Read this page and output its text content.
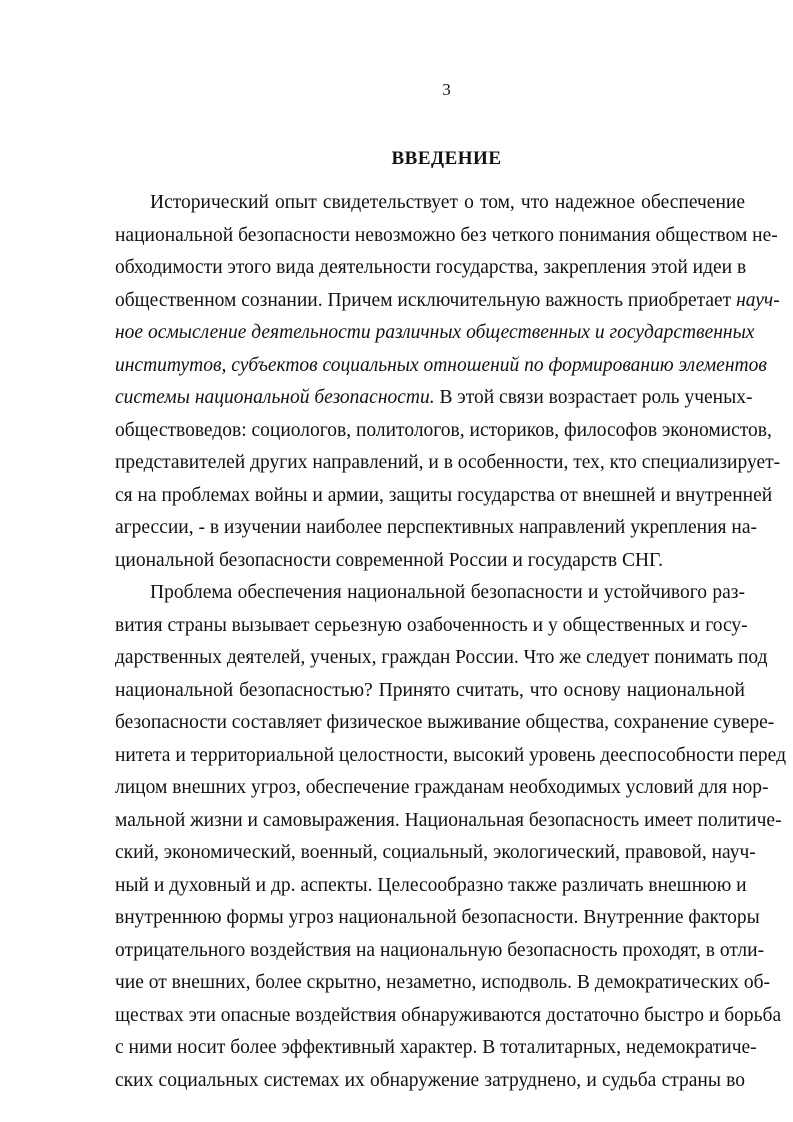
3
ВВЕДЕНИЕ
Исторический опыт свидетельствует о том, что надежное обеспечение
национальной безопасности невозможно без четкого понимания обществом не-
обходимости этого вида деятельности государства, закрепления этой идеи в
общественном сознании. Причем исключительную важность приобретает науч-
ное осмысление деятельности различных общественных и государственных
институтов, субъектов социальных отношений по формированию элементов
системы национальной безопасности. В этой связи возрастает роль ученых-
обществоведов: социологов, политологов, историков, философов экономистов,
представителей других направлений, и в особенности, тех, кто специализирует-
ся на проблемах войны и армии, защиты государства от внешней и внутренней
агрессии, - в изучении наиболее перспективных направлений укрепления на-
циональной безопасности современной России и государств СНГ.
Проблема обеспечения национальной безопасности и устойчивого раз-
вития страны вызывает серьезную озабоченность и у общественных и госу-
дарственных деятелей, ученых, граждан России. Что же следует понимать под
национальной безопасностью? Принято считать, что основу национальной
безопасности составляет физическое выживание общества, сохранение сувере-
нитета и территориальной целостности, высокий уровень дееспособности перед
лицом внешних угроз, обеспечение гражданам необходимых условий для нор-
мальной жизни и самовыражения. Национальная безопасность имеет политиче-
ский, экономический, военный, социальный, экологический, правовой, науч-
ный и духовный и др. аспекты. Целесообразно также различать внешнюю и
внутреннюю формы угроз национальной безопасности. Внутренние факторы
отрицательного воздействия на национальную безопасность проходят, в отли-
чие от внешних, более скрытно, незаметно, исподволь. В демократических об-
ществах эти опасные воздействия обнаруживаются достаточно быстро и борьба
с ними носит более эффективный характер. В тоталитарных, недемократиче-
ских социальных системах их обнаружение затруднено, и судьба страны во
